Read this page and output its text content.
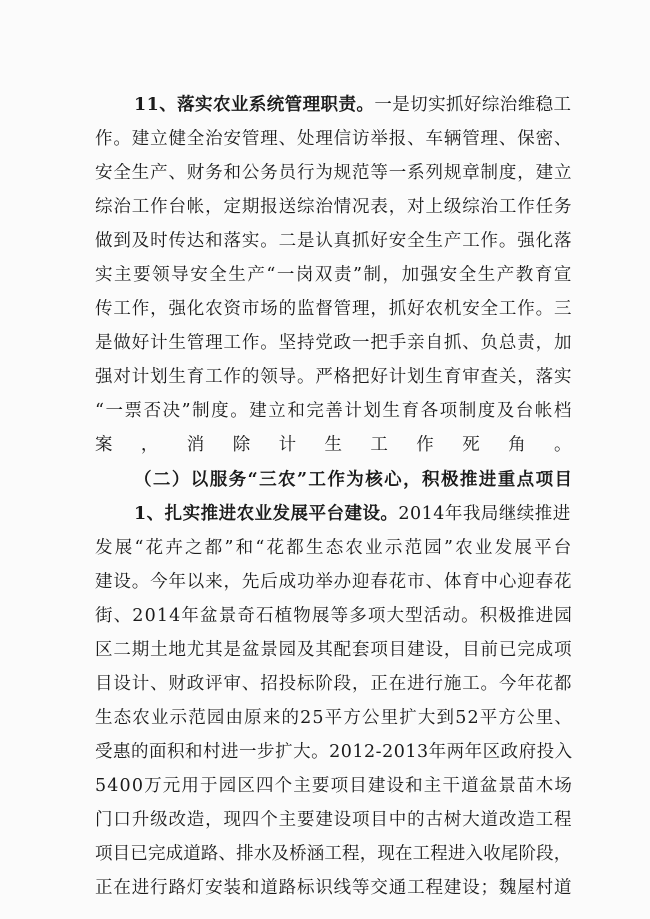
11、落实农业系统管理职责。一是切实抓好综治维稳工
作。建立健全治安管理、处理信访举报、车辆管理、保密、
安全生产、财务和公务员行为规范等一系列规章制度，建立
综治工作台帐，定期报送综治情况表，对上级综治工作任务
做到及时传达和落实。二是认真抓好安全生产工作。强化落
实主要领导安全生产“一岗双责”制，加强安全生产教育宣
传工作，强化农资市场的监督管理，抓好农机安全工作。三
是做好计生管理工作。坚持党政一把手亲自抓、负总责，加
强对计划生育工作的领导。严格把好计划生育审查关，落实
“一票否决”制度。建立和完善计划生育各项制度及台帐档
案，消除计生工作死角。
（二）以服务“三农”工作为核心，积极推进重点项目
1、扎实推进农业发展平台建设。2014年我局继续推进
发展“花卉之都”和“花都生态农业示范园”农业发展平台
建设。今年以来，先后成功举办迎春花市、体育中心迎春花
街、2014年盆景奇石植物展等多项大型活动。积极推进园
区二期土地尤其是盆景园及其配套项目建设，目前已完成项
目设计、财政评审、招投标阶段，正在进行施工。今年花都
生态农业示范园由原来的25平方公里扩大到52平方公里、
受惠的面积和村进一步扩大。2012-2013年两年区政府投入
5400万元用于园区四个主要项目建设和主干道盆景苗木场
门口升级改造，现四个主要建设项目中的古树大道改造工程
项目已完成道路、排水及桥涵工程，现在工程进入收尾阶段，
正在进行路灯安装和道路标识线等交通工程建设；魏屋村道
